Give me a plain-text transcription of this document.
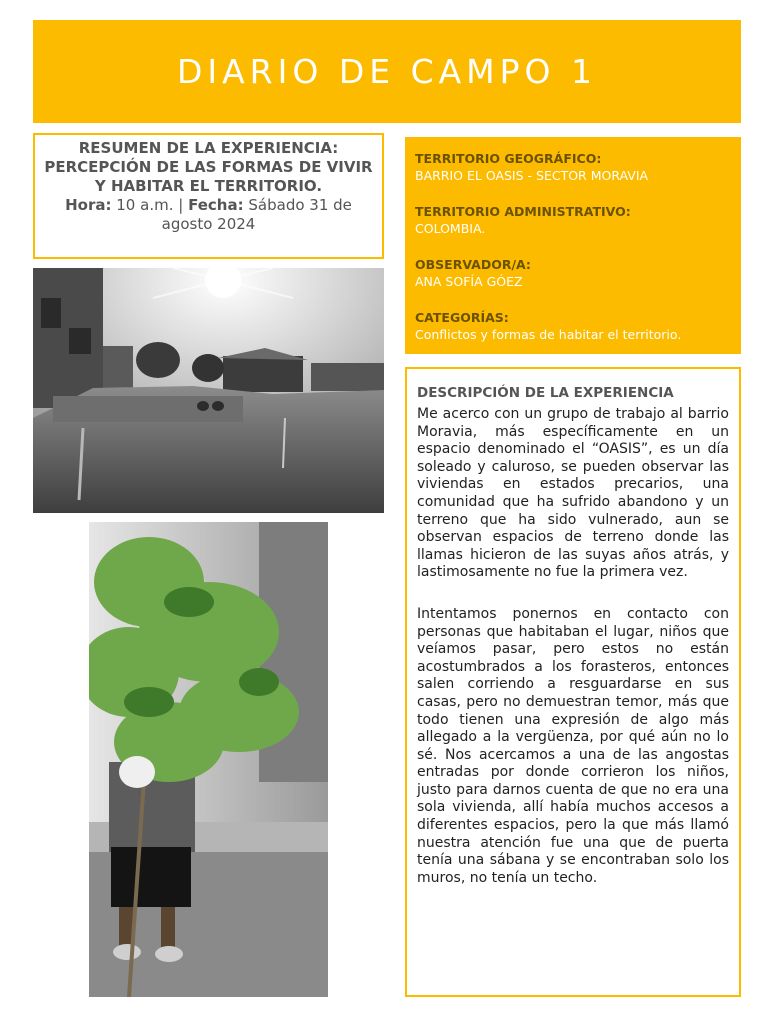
DIARIO DE CAMPO 1
RESUMEN DE LA EXPERIENCIA: PERCEPCIÓN DE LAS FORMAS DE VIVIR Y HABITAR EL TERRITORIO.
Hora: 10 a.m. | Fecha: Sábado 31 de agosto 2024
TERRITORIO GEOGRÁFICO:
BARRIO EL OASIS - SECTOR MORAVIA
TERRITORIO ADMINISTRATIVO:
COLOMBIA.
OBSERVADOR/A:
ANA SOFÍA GÓEZ
CATEGORÍAS:
Conflictos y formas de habitar el territorio.
DESCRIPCIÓN DE LA EXPERIENCIA

Me acerco con un grupo de trabajo al barrio Moravia, más específicamente en un espacio denominado el “OASIS”, es un día soleado y caluroso, se pueden observar las viviendas en estados precarios, una comunidad que ha sufrido abandono y un terreno que ha sido vulnerado, aun se observan espacios de terreno donde las llamas hicieron de las suyas años atrás, y lastimosamente no fue la primera vez.

Intentamos ponernos en contacto con personas que habitaban el lugar, niños que veíamos pasar, pero estos no están acostumbrados a los forasteros, entonces salen corriendo a resguardarse en sus casas, pero no demuestran temor, más que todo tienen una expresión de algo más allegado a la vergüenza, por qué aún no lo sé. Nos acercamos a una de las angostas entradas por donde corrieron los niños, justo para darnos cuenta de que no era una sola vivienda, allí había muchos accesos a diferentes espacios, pero la que más llamó nuestra atención fue una que de puerta tenía una sábana y se encontraban solo los muros, no tenía un techo.
